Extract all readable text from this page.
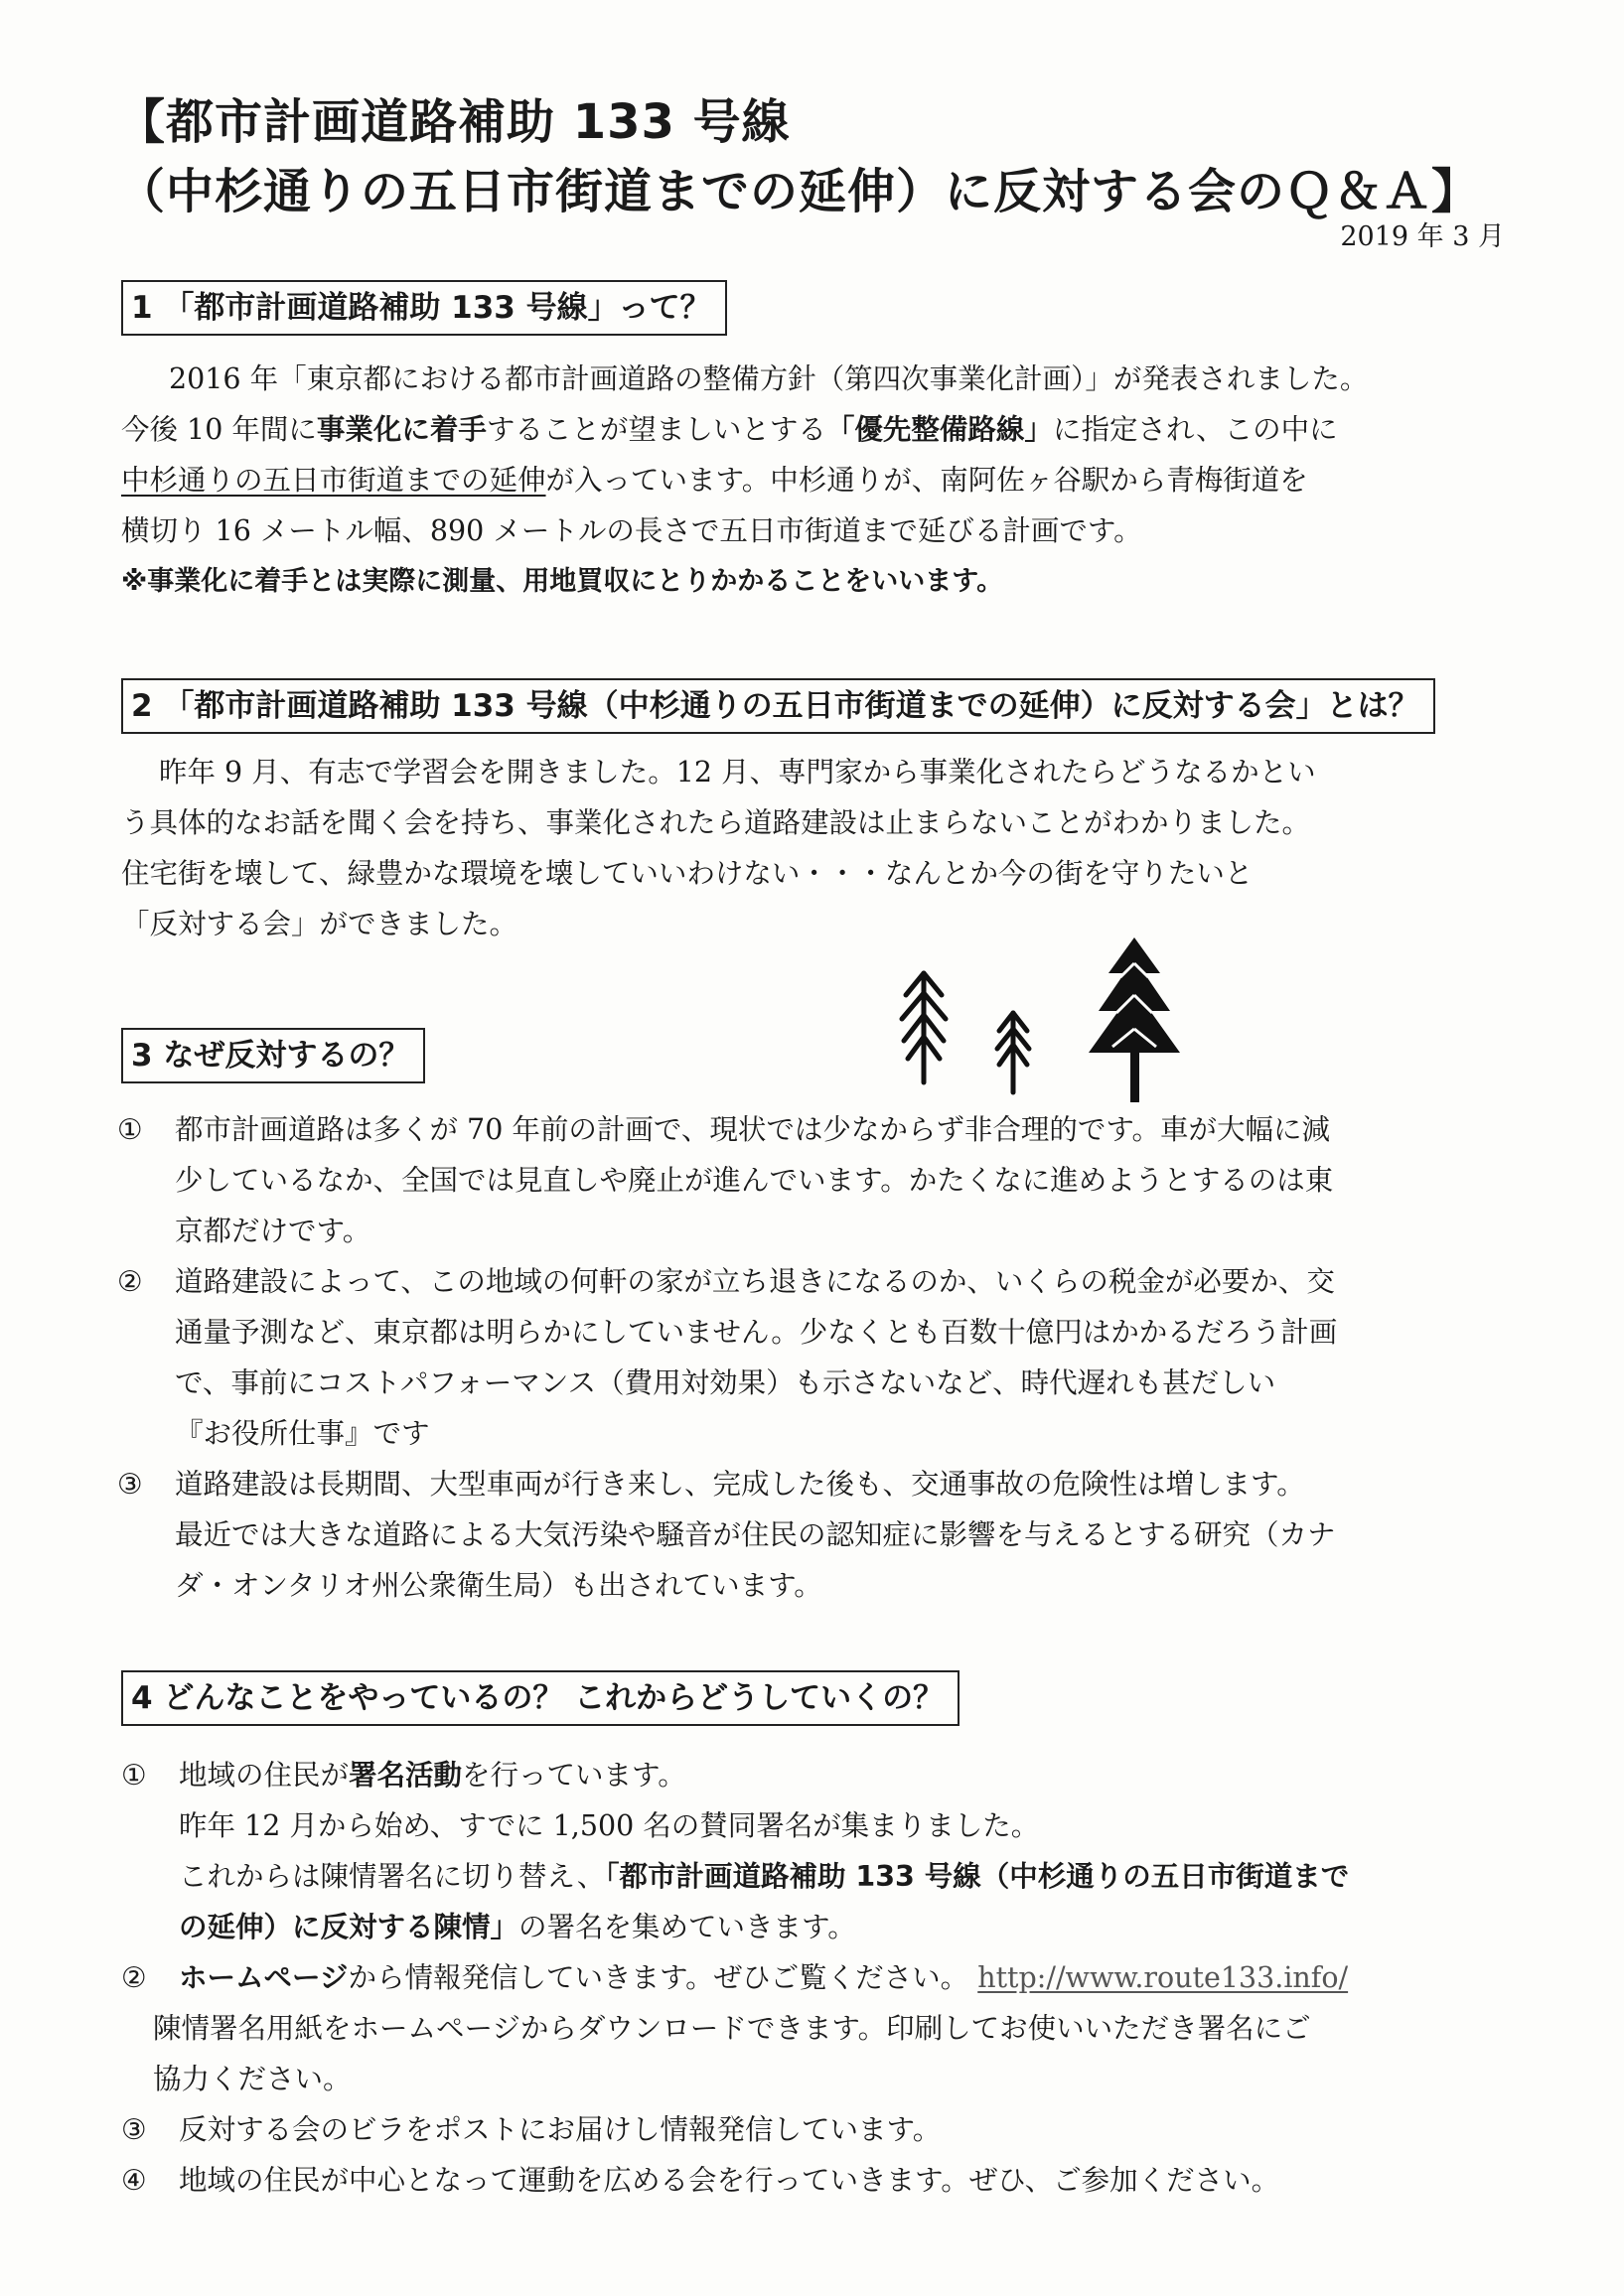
【都市計画道路補助 133 号線
（中杉通りの五日市街道までの延伸）に反対する会のＱ＆Ａ】
2019 年 3 月
1 「都市計画道路補助 133 号線」って？

2016 年「東京都における都市計画道路の整備方針（第四次事業化計画）」が発表されました。

今後 10 年間に事業化に着手することが望ましいとする「優先整備路線」に指定され、この中に

中杉通りの五日市街道までの延伸が入っています。中杉通りが、南阿佐ヶ谷駅から青梅街道を

横切り 16 メートル幅、890 メートルの長さで五日市街道まで延びる計画です。

※事業化に着手とは実際に測量、用地買収にとりかかることをいいます。

2 「都市計画道路補助 133 号線（中杉通りの五日市街道までの延伸）に反対する会」とは？

昨年 9 月、有志で学習会を開きました。12 月、専門家から事業化されたらどうなるかとい

う具体的なお話を聞く会を持ち、事業化されたら道路建設は止まらないことがわかりました。

住宅街を壊して、緑豊かな環境を壊していいわけない・・・なんとか今の街を守りたいと

「反対する会」ができました。

3 なぜ反対するの？
① 都市計画道路は多くが 70 年前の計画で、現状では少なからず非合理的です。車が大幅に減
少しているなか、全国では見直しや廃止が進んでいます。かたくなに進めようとするのは東
京都だけです。
② 道路建設によって、この地域の何軒の家が立ち退きになるのか、いくらの税金が必要か、交
通量予測など、東京都は明らかにしていません。少なくとも百数十億円はかかるだろう計画
で、事前にコストパフォーマンス（費用対効果）も示さないなど、時代遅れも甚だしい
『お役所仕事』です
③ 道路建設は長期間、大型車両が行き来し、完成した後も、交通事故の危険性は増します。
最近では大きな道路による大気汚染や騒音が住民の認知症に影響を与えるとする研究（カナ
ダ・オンタリオ州公衆衛生局）も出されています。
4 どんなことをやっているの？ これからどうしていくの？
① 地域の住民が署名活動を行っています。
昨年 12 月から始め、すでに 1,500 名の賛同署名が集まりました。
これからは陳情署名に切り替え、「都市計画道路補助 133 号線（中杉通りの五日市街道まで
の延伸）に反対する陳情」の署名を集めていきます。
② ホームページから情報発信していきます。ぜひご覧ください。 http://www.route133.info/
陳情署名用紙をホームページからダウンロードできます。印刷してお使いいただき署名にご
協力ください。
③ 反対する会のビラをポストにお届けし情報発信しています。
④ 地域の住民が中心となって運動を広める会を行っていきます。ぜひ、ご参加ください。
